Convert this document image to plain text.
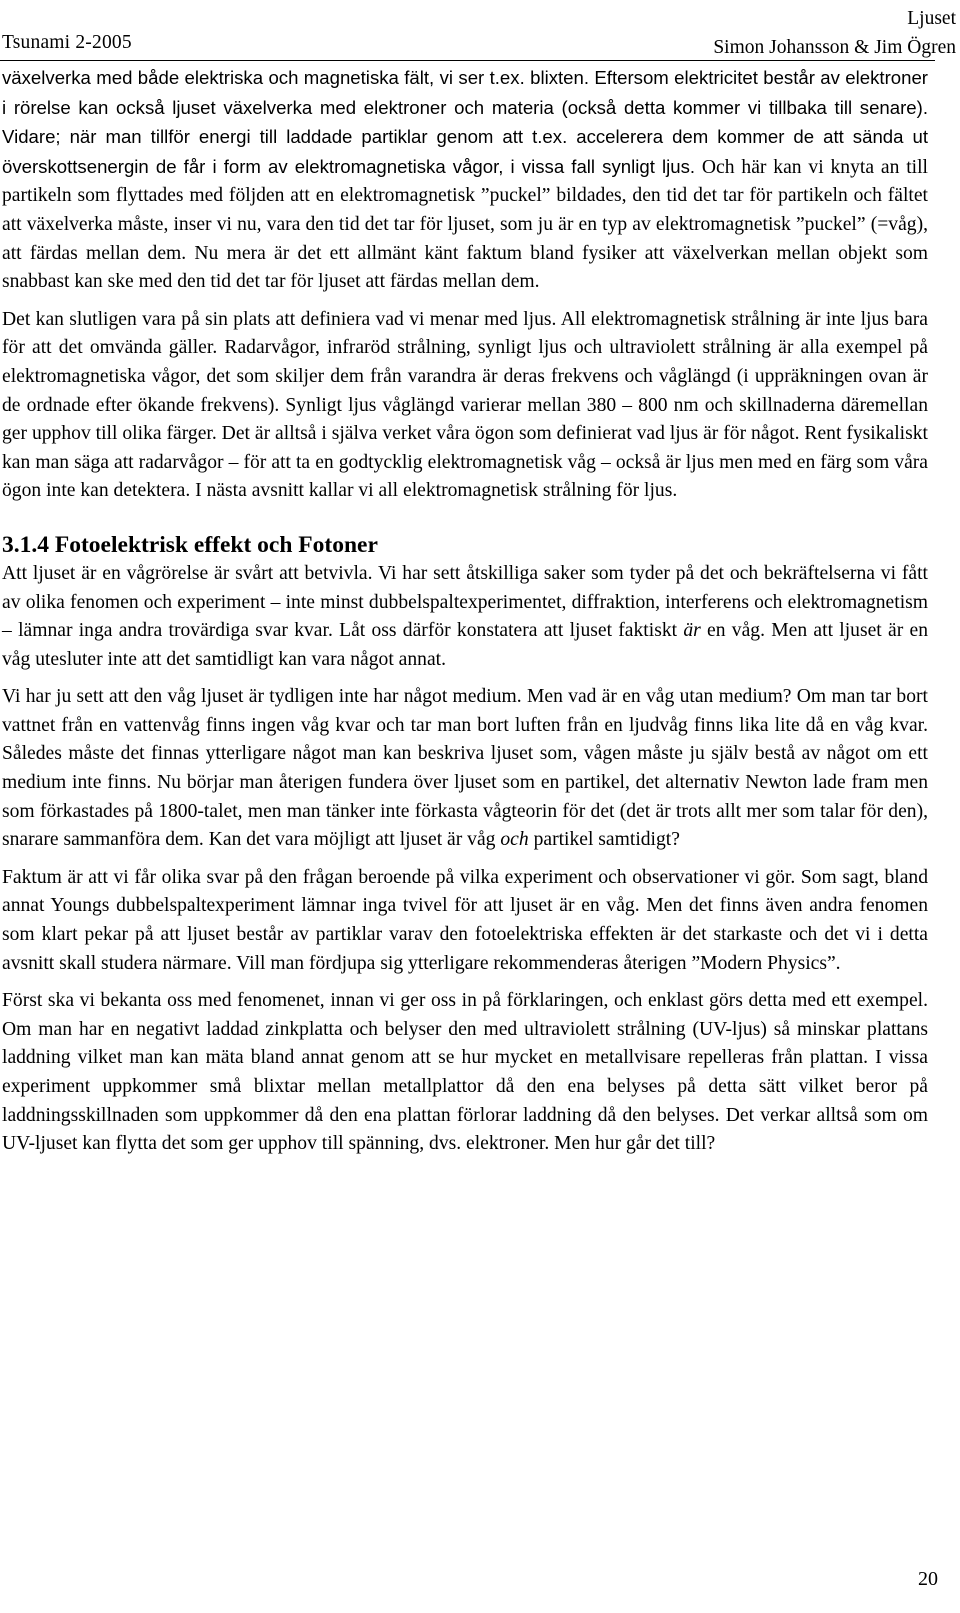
Tsunami 2-2005
Ljuset
Simon Johansson & Jim Ögren

växelverka med både elektriska och magnetiska fält, vi ser t.ex. blixten. Eftersom elektricitet består av elektroner i rörelse kan också ljuset växelverka med elektroner och materia (också detta kommer vi tillbaka till senare). Vidare; när man tillför energi till laddade partiklar genom att t.ex. accelerera dem kommer de att sända ut överskottsenergin de får i form av elektromagnetiska vågor, i vissa fall synligt ljus. Och här kan vi knyta an till partikeln som flyttades med följden att en elektromagnetisk ”puckel” bildades, den tid det tar för partikeln och fältet att växelverka måste, inser vi nu, vara den tid det tar för ljuset, som ju är en typ av elektromagnetisk ”puckel” (=våg), att färdas mellan dem. Nu mera är det ett allmänt känt faktum bland fysiker att växelverkan mellan objekt som snabbast kan ske med den tid det tar för ljuset att färdas mellan dem.

Det kan slutligen vara på sin plats att definiera vad vi menar med ljus. All elektromagnetisk strålning är inte ljus bara för att det omvända gäller. Radarvågor, infraröd strålning, synligt ljus och ultraviolett strålning är alla exempel på elektromagnetiska vågor, det som skiljer dem från varandra är deras frekvens och våglängd (i uppräkningen ovan är de ordnade efter ökande frekvens). Synligt ljus våglängd varierar mellan 380 – 800 nm och skillnaderna däremellan ger upphov till olika färger. Det är alltså i själva verket våra ögon som definierat vad ljus är för något. Rent fysikaliskt kan man säga att radarvågor – för att ta en godtycklig elektromagnetisk våg – också är ljus men med en färg som våra ögon inte kan detektera. I nästa avsnitt kallar vi all elektromagnetisk strålning för ljus.

3.1.4 Fotoelektrisk effekt och Fotoner

Att ljuset är en vågrörelse är svårt att betvivla. Vi har sett åtskilliga saker som tyder på det och bekräftelserna vi fått av olika fenomen och experiment – inte minst dubbelspaltexperimentet, diffraktion, interferens och elektromagnetism – lämnar inga andra trovärdiga svar kvar. Låt oss därför konstatera att ljuset faktiskt är en våg. Men att ljuset är en våg utesluter inte att det samtidligt kan vara något annat.

Vi har ju sett att den våg ljuset är tydligen inte har något medium. Men vad är en våg utan medium? Om man tar bort vattnet från en vattenvåg finns ingen våg kvar och tar man bort luften från en ljudvåg finns lika lite då en våg kvar. Således måste det finnas ytterligare något man kan beskriva ljuset som, vågen måste ju själv bestå av något om ett medium inte finns. Nu börjar man återigen fundera över ljuset som en partikel, det alternativ Newton lade fram men som förkastades på 1800-talet, men man tänker inte förkasta vågteorin för det (det är trots allt mer som talar för den), snarare sammanföra dem. Kan det vara möjligt att ljuset är våg och partikel samtidigt?

Faktum är att vi får olika svar på den frågan beroende på vilka experiment och observationer vi gör. Som sagt, bland annat Youngs dubbelspaltexperiment lämnar inga tvivel för att ljuset är en våg. Men det finns även andra fenomen som klart pekar på att ljuset består av partiklar varav den fotoelektriska effekten är det starkaste och det vi i detta avsnitt skall studera närmare. Vill man fördjupa sig ytterligare rekommenderas återigen ”Modern Physics”.

Först ska vi bekanta oss med fenomenet, innan vi ger oss in på förklaringen, och enklast görs detta med ett exempel. Om man har en negativt laddad zinkplatta och belyser den med ultraviolett strålning (UV-ljus) så minskar plattans laddning vilket man kan mäta bland annat genom att se hur mycket en metallvisare repelleras från plattan. I vissa experiment uppkommer små blixtar mellan metallplattor då den ena belyses på detta sätt vilket beror på laddningsskillnaden som uppkommer då den ena plattan förlorar laddning då den belyses. Det verkar alltså som om UV-ljuset kan flytta det som ger upphov till spänning, dvs. elektroner. Men hur går det till?

20
